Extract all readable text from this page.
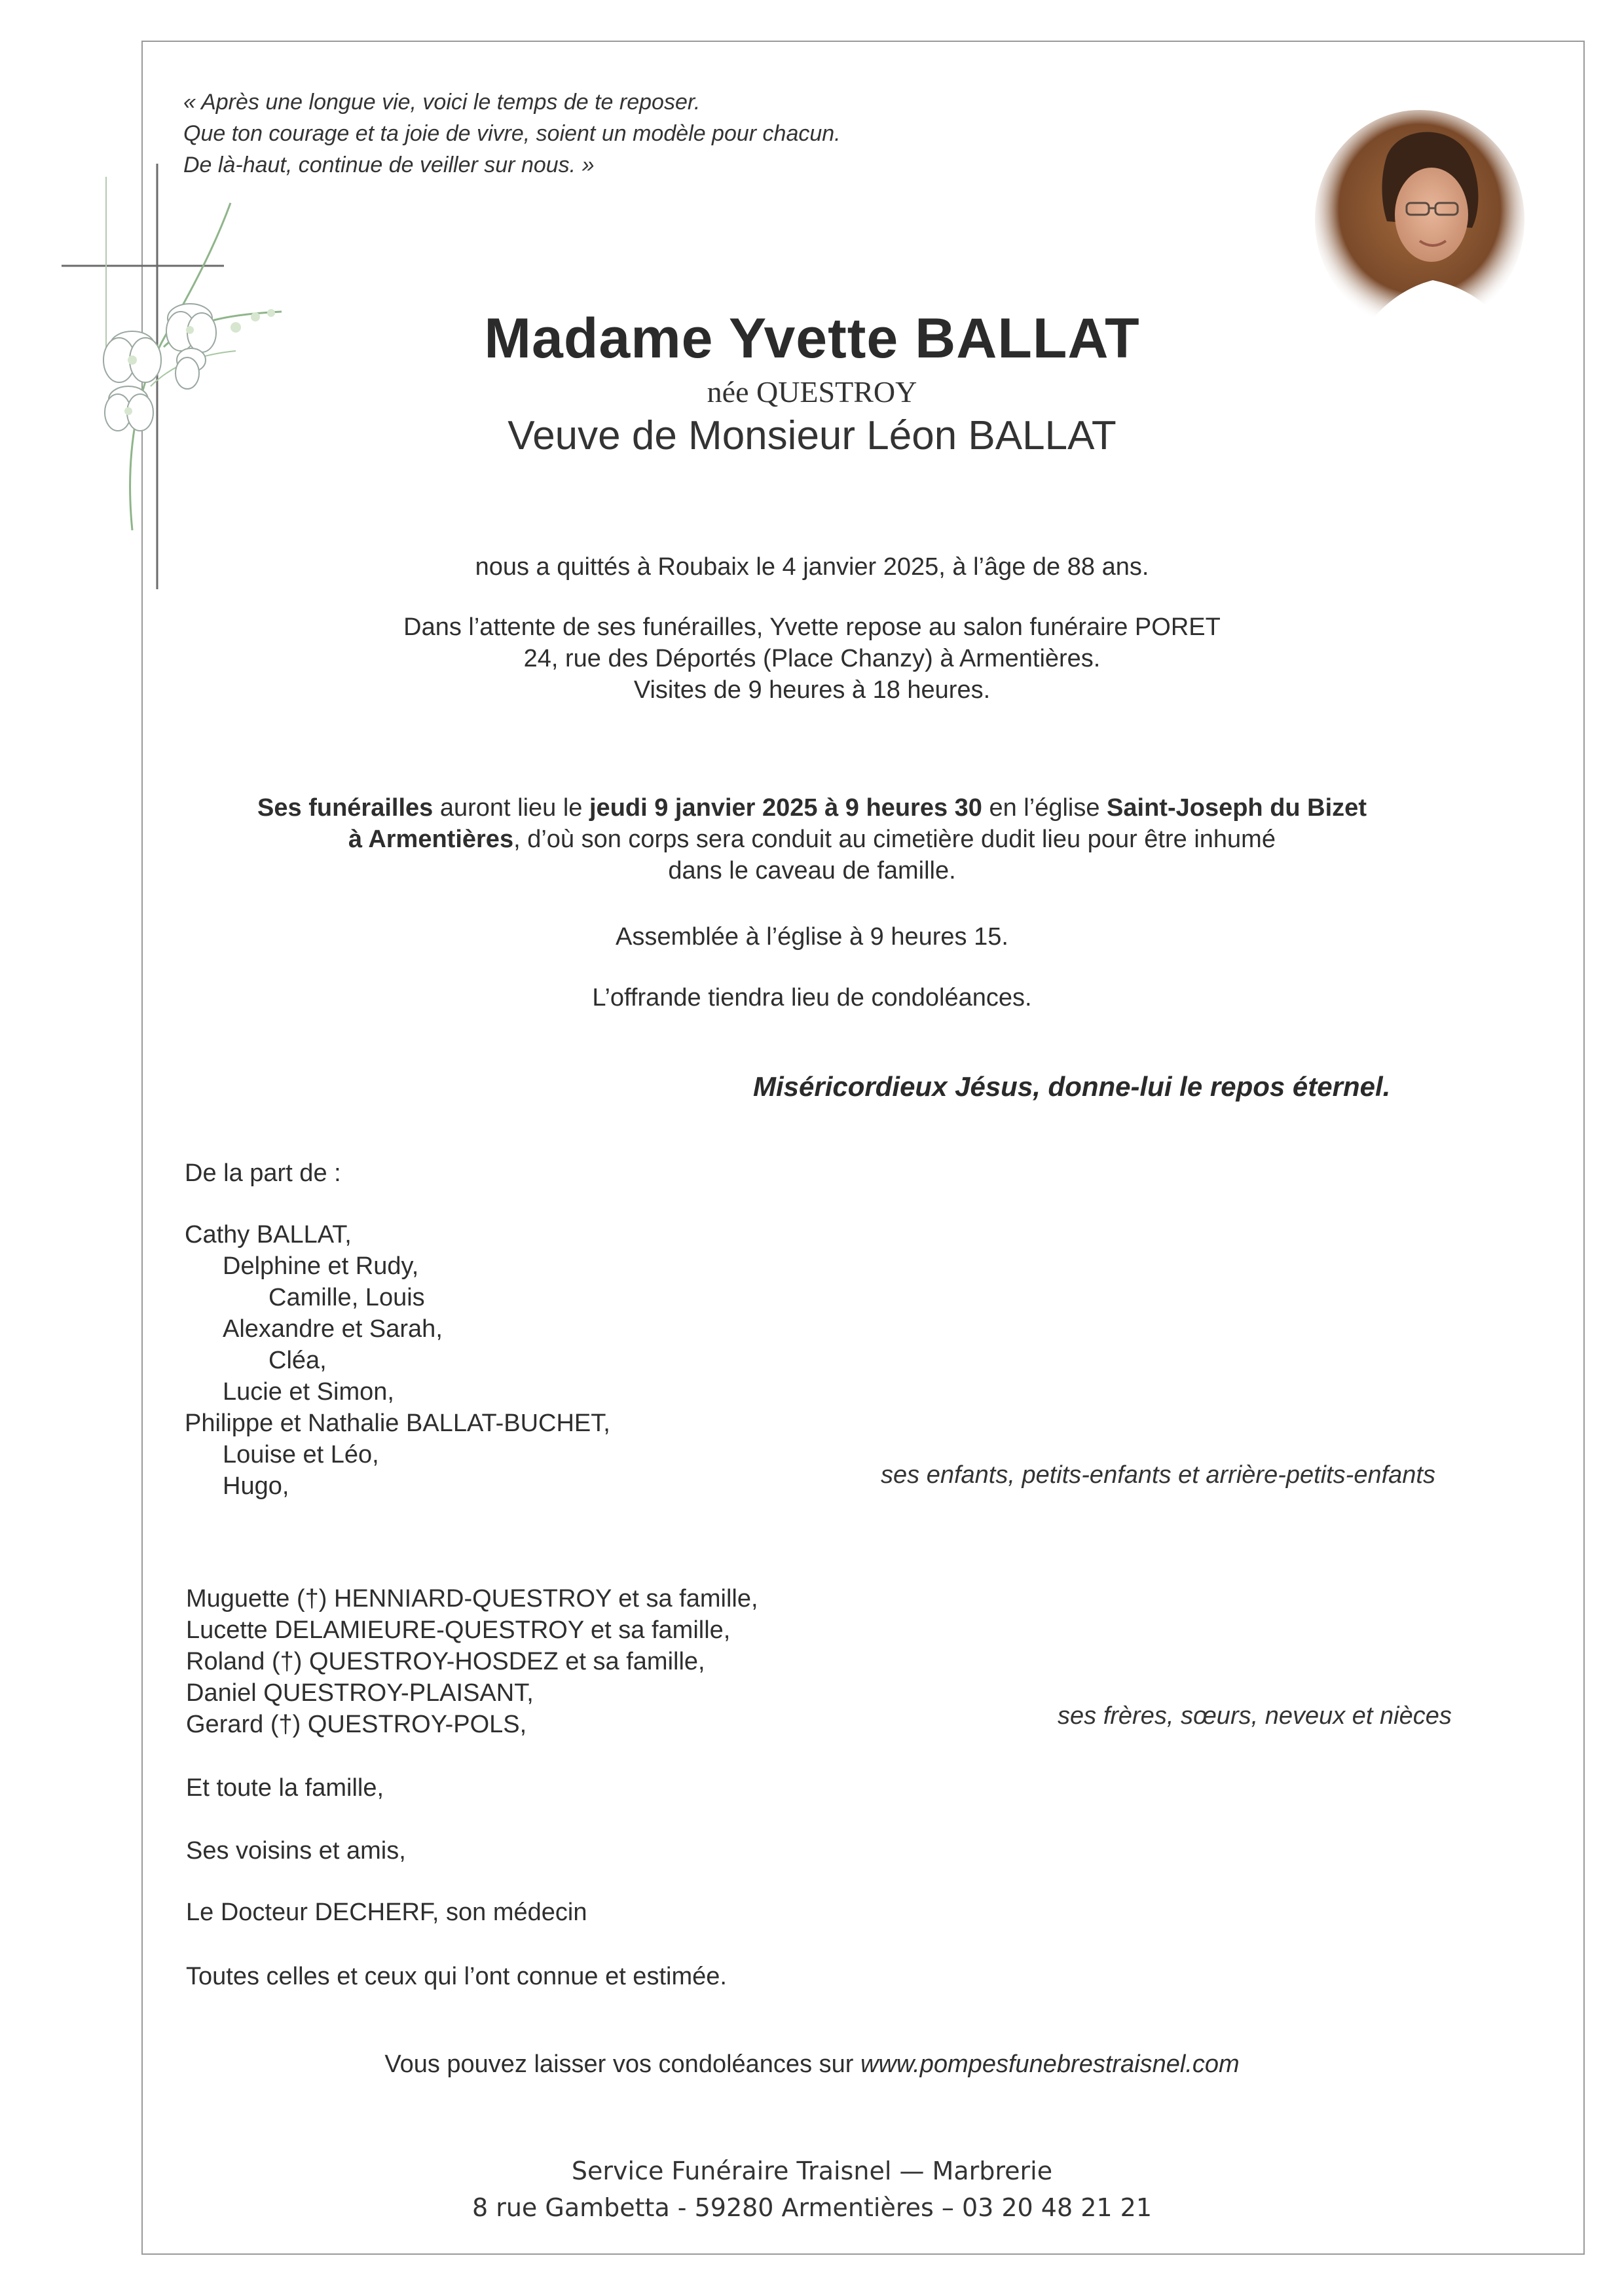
« Après une longue vie, voici le temps de te reposer.
Que ton courage et ta joie de vivre, soient un modèle pour chacun.
De là-haut, continue de veiller sur nous. »
Madame Yvette BALLAT
née QUESTROY
Veuve de Monsieur Léon BALLAT
nous a quittés à Roubaix le 4 janvier 2025, à l’âge de 88 ans.
Dans l’attente de ses funérailles, Yvette repose au salon funéraire PORET
24, rue des Déportés (Place Chanzy) à Armentières.
Visites de 9 heures à 18 heures.
Ses funérailles auront lieu le jeudi 9 janvier 2025 à 9 heures 30 en l’église Saint-Joseph du Bizet
à Armentières, d’où son corps sera conduit au cimetière dudit lieu pour être inhumé
dans le caveau de famille.
Assemblée à l’église à 9 heures 15.
L’offrande tiendra lieu de condoléances.
Miséricordieux Jésus, donne-lui le repos éternel.
De la part de :
Cathy BALLAT,
Delphine et Rudy,
Camille, Louis
Alexandre et Sarah,
Cléa,
Lucie et Simon,
Philippe et Nathalie BALLAT-BUCHET,
Louise et Léo,
Hugo,	ses enfants, petits-enfants et arrière-petits-enfants
Muguette (†) HENNIARD-QUESTROY et sa famille,
Lucette DELAMIEURE-QUESTROY et sa famille,
Roland (†) QUESTROY-HOSDEZ et sa famille,
Daniel QUESTROY-PLAISANT,
Gerard (†) QUESTROY-POLS,	ses frères, sœurs, neveux et nièces
Et toute la famille,
Ses voisins et amis,
Le Docteur DECHERF, son médecin
Toutes celles et ceux qui l’ont connue et estimée.
Vous pouvez laisser vos condoléances sur www.pompesfunebrestraisnel.com
Service Funéraire Traisnel — Marbrerie
8 rue Gambetta - 59280 Armentières – 03 20 48 21 21
